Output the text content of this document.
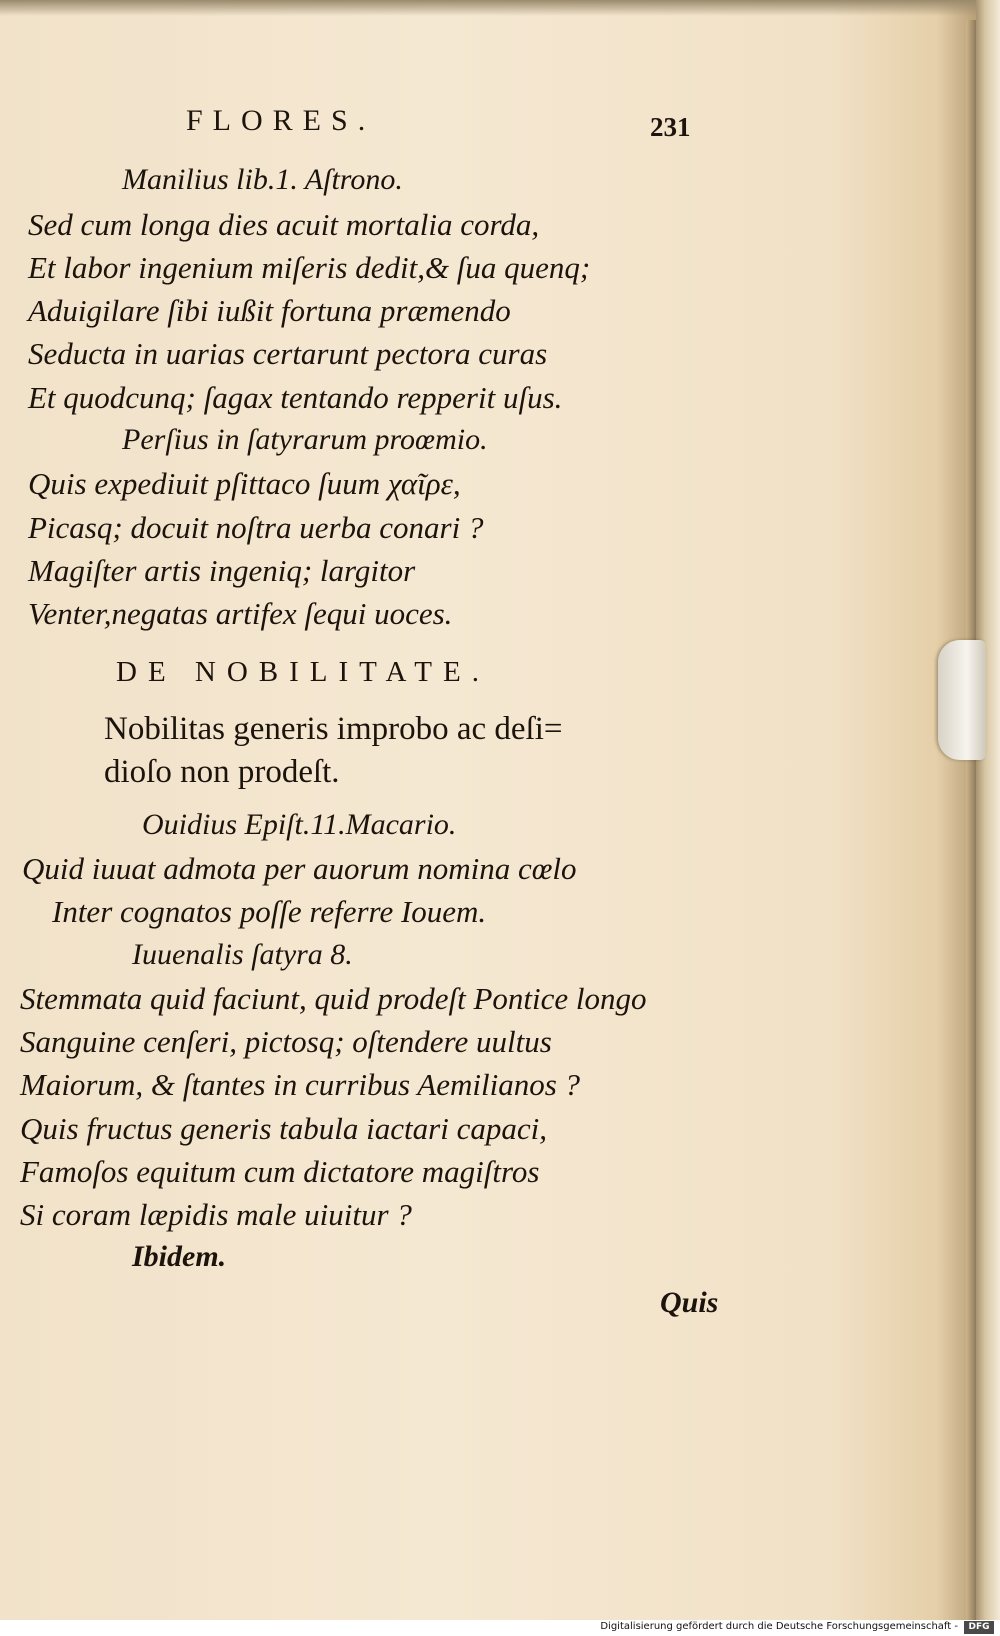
FLORES.	231
Manilius lib.1. Aſtrono.
Sed cum longa dies acuit mortalia corda,
Et labor ingenium miſeris dedit,& ſua quenq;
Aduigilare ſibi iußit fortuna præmendo
Seducta in uarias certarunt pectora curas
Et quodcunq; ſagax tentando repperit uſus.
Perſius in ſatyrarum proœmio.
Quis expediuit pſittaco ſuum χαῖρε,
Picasq; docuit noſtra uerba conari ?
Magiſter artis ingeniq; largitor
Venter,negatas artifex ſequi uoces.
DE NOBILITATE.
Nobilitas generis improbo ac deſi=
dioſo non prodeſt.
Ouidius Epiſt.11.Macario.
Quid iuuat admota per auorum nomina cœlo
Inter cognatos poſſe referre Iouem.
Iuuenalis ſatyra 8.
Stemmata quid faciunt, quid prodeſt Pontice longo
Sanguine cenſeri, pictosq; oſtendere uultus
Maiorum, & ſtantes in curribus Aemilianos ?
Quis fructus generis tabula iactari capaci,
Famoſos equitum cum dictatore magiſtros
Si coram læpidis male uiuitur ?
Ibidem.
Quis
Digitalisierung gefördert durch die Deutsche Forschungsgemeinschaft -	DFG
